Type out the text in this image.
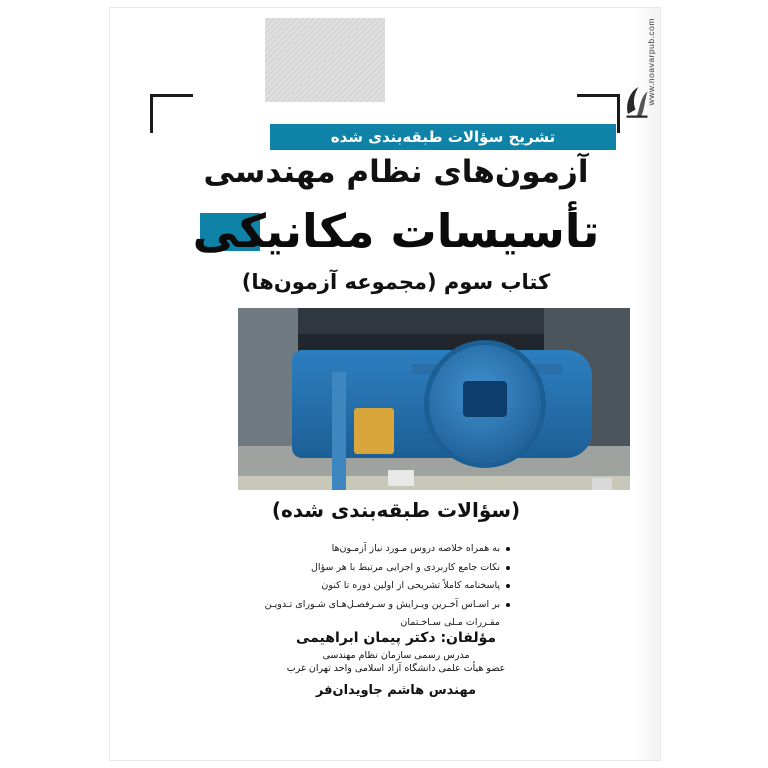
www.noavarpub.com
تشریح سؤالات طبقه‌بندی شده
آزمون‌های نظام مهندسی
تأسیسات مکانیکی
کتاب سوم (مجموعه آزمون‌ها)
(سؤالات طبقه‌بندی شده)
به همراه خلاصه دروس مـورد نیاز آزمـون‌ها
نکات جامع کاربردی و اجرایی مرتبط با هر سؤال
پاسخنامه کاملاً تشریحی از اولین دوره تا کنون
بر اسـاس آخـرین ویـرایش و سـرفصـل‌هـای شـورای تـدویـن مقـررات مـلی سـاخـتمان
مؤلفان: دکتر پیمان ابراهیمی
مدرس رسمی سازمان نظام مهندسی
عضو هیأت علمی دانشگاه آزاد اسلامی واحد تهران غرب
مهندس هاشم جاویدان‌فر
